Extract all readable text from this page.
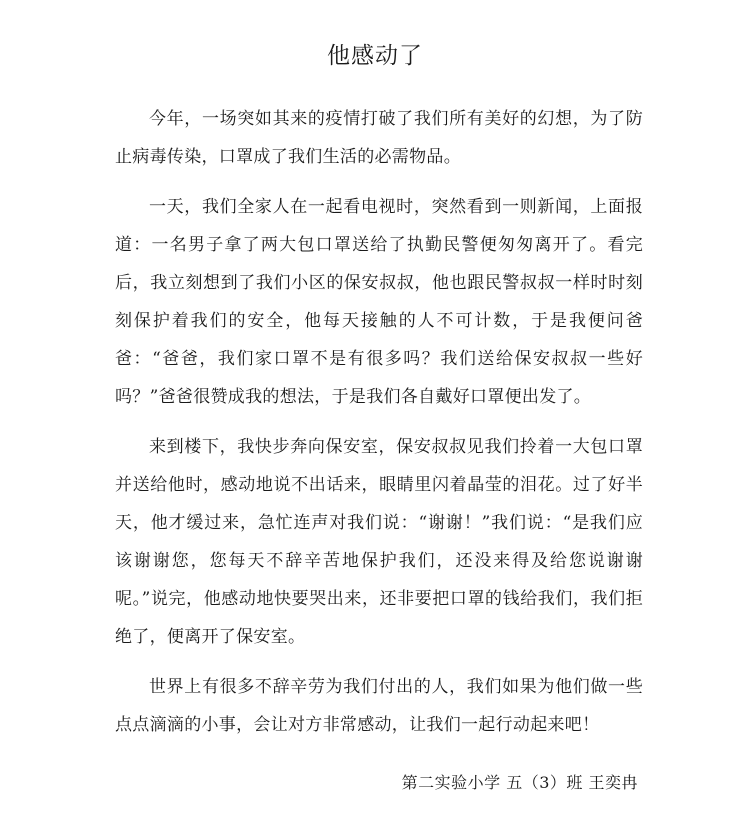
他感动了

今年，一场突如其来的疫情打破了我们所有美好的幻想，为了防止病毒传染，口罩成了我们生活的必需物品。

一天，我们全家人在一起看电视时，突然看到一则新闻，上面报道：一名男子拿了两大包口罩送给了执勤民警便匆匆离开了。看完后，我立刻想到了我们小区的保安叔叔，他也跟民警叔叔一样时时刻刻保护着我们的安全，他每天接触的人不可计数，于是我便问爸爸：“爸爸，我们家口罩不是有很多吗？我们送给保安叔叔一些好吗？”爸爸很赞成我的想法，于是我们各自戴好口罩便出发了。

来到楼下，我快步奔向保安室，保安叔叔见我们拎着一大包口罩并送给他时，感动地说不出话来，眼睛里闪着晶莹的泪花。过了好半天，他才缓过来，急忙连声对我们说：“谢谢！”我们说：“是我们应该谢谢您，您每天不辞辛苦地保护我们，还没来得及给您说谢谢呢。”说完，他感动地快要哭出来，还非要把口罩的钱给我们，我们拒绝了，便离开了保安室。

世界上有很多不辞辛劳为我们付出的人，我们如果为他们做一些点点滴滴的小事，会让对方非常感动，让我们一起行动起来吧！

第二实验小学 五（3）班 王奕冉
